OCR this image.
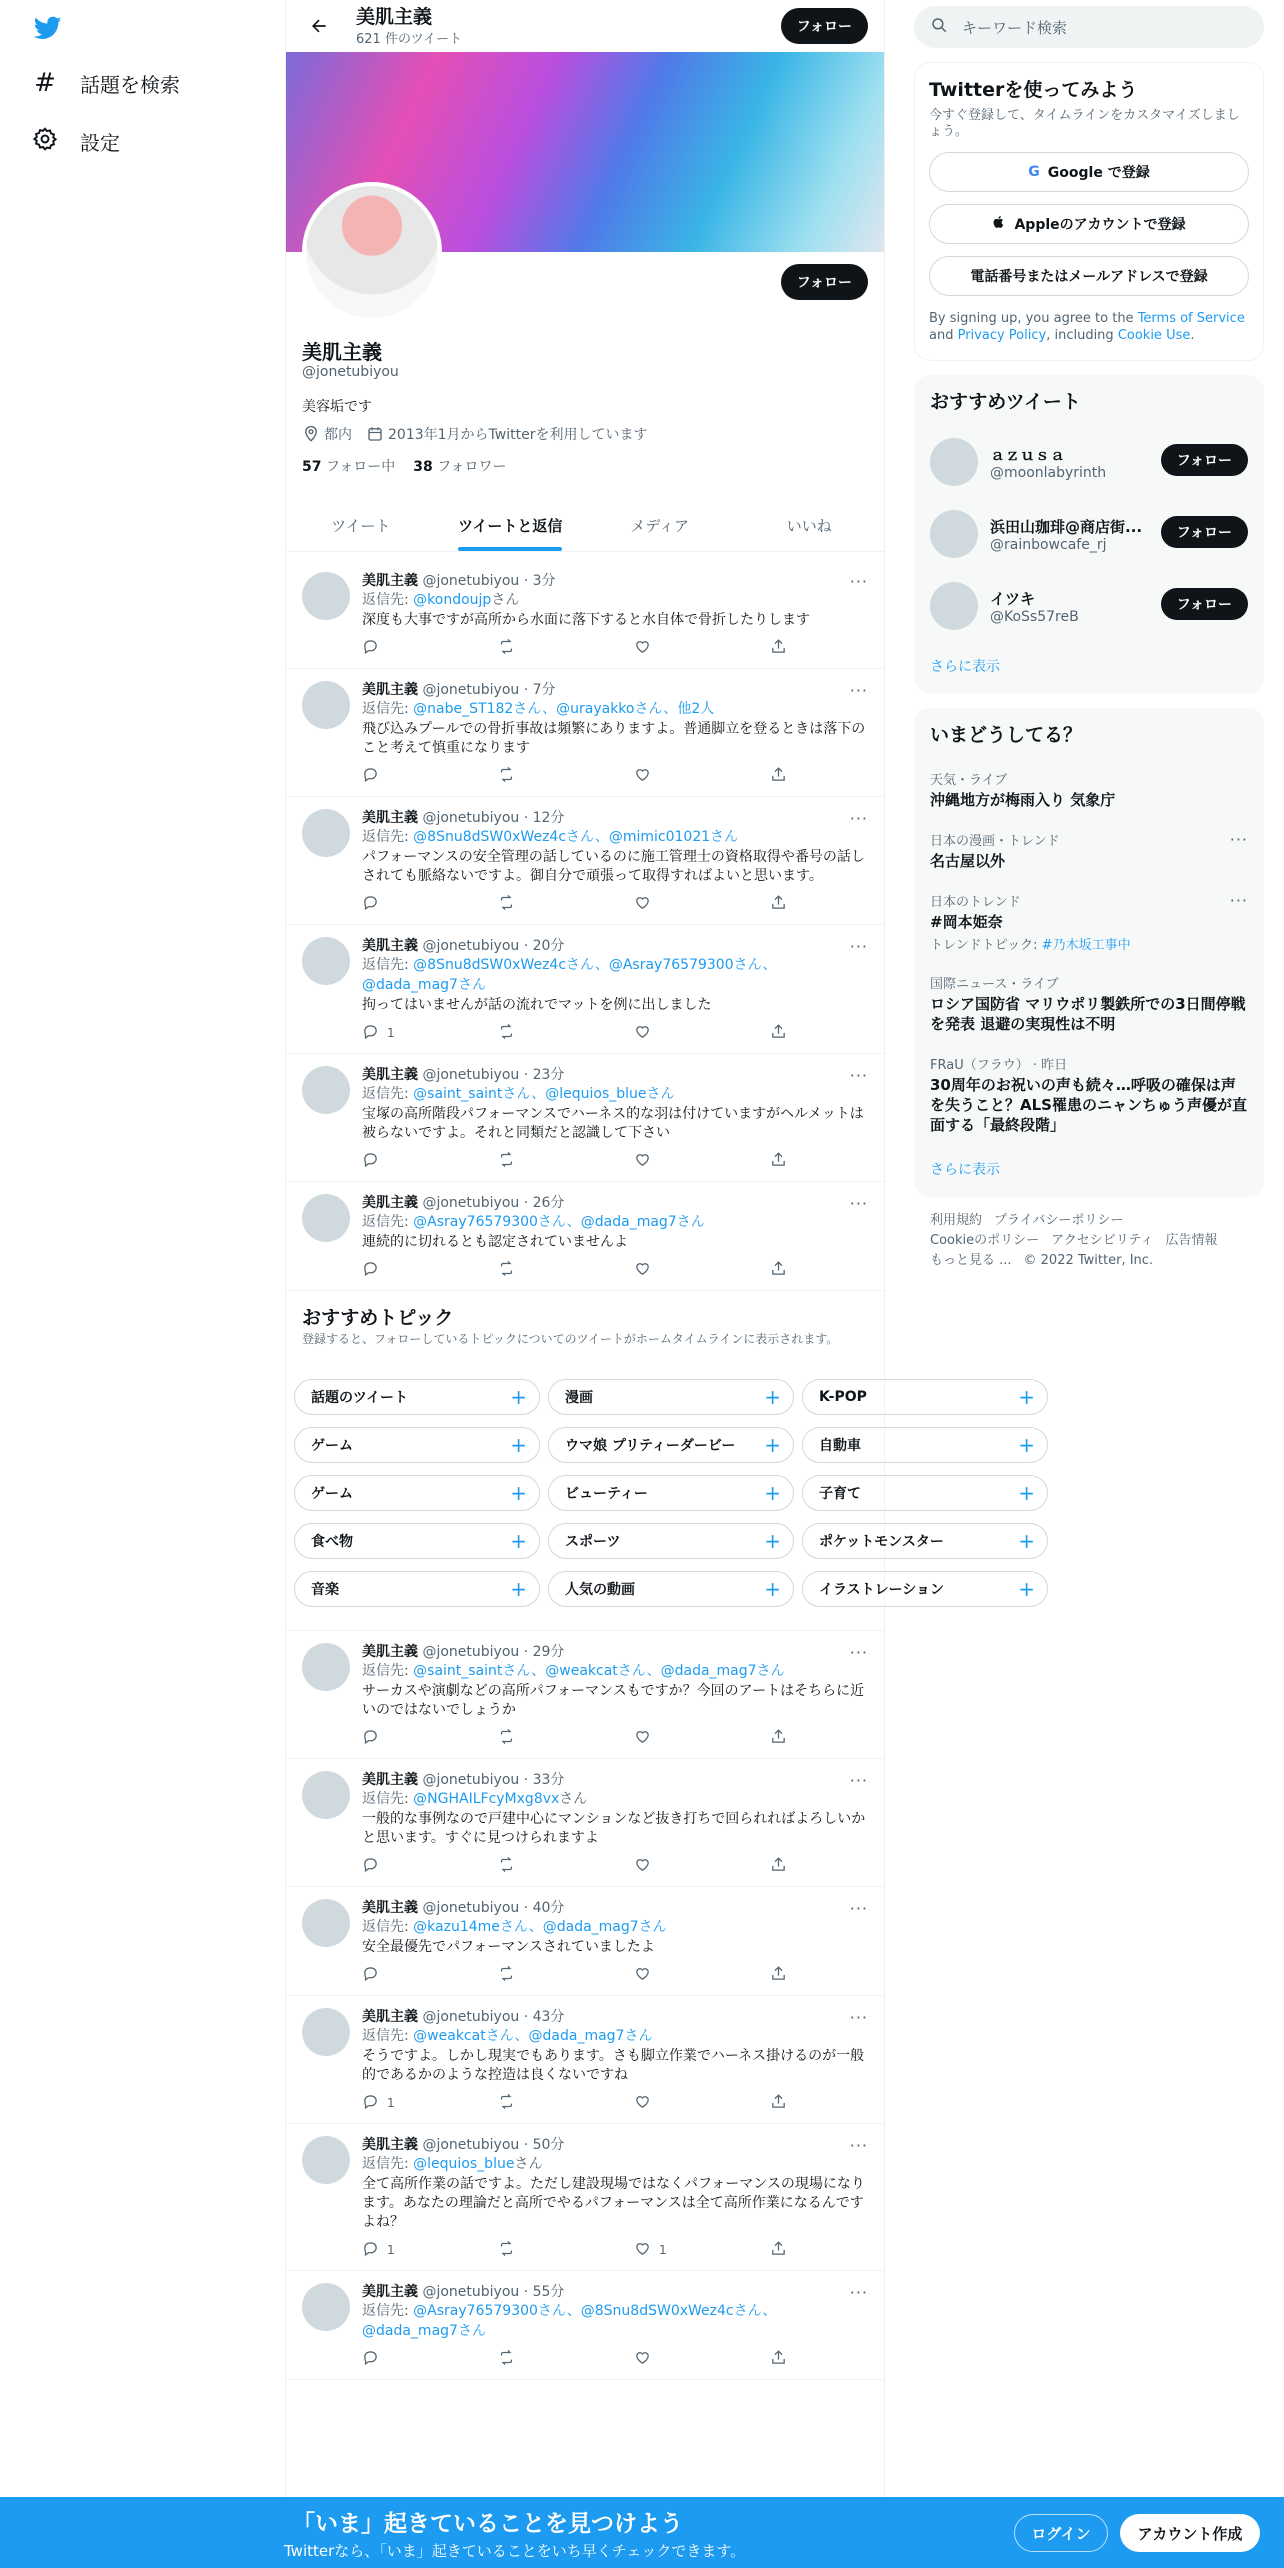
# 話題を検索
設定
美肌主義
621 件のツイート
フォロー
フォロー
美肌主義
@jonetubiyou
美容垢です
都内	2013年1月からTwitterを利用しています
57 フォロー中 38 フォロワー
ツイート	ツイートと返信	メディア	いいね
···
美肌主義 @jonetubiyou · 3分
返信先: @kondoujpさん
深度も大事ですが高所から水面に落下すると水自体で骨折したりします
···
美肌主義 @jonetubiyou · 7分
返信先: @nabe_ST182さん、@urayakkoさん、他2人
飛び込みプールでの骨折事故は頻繁にありますよ。普通脚立を登るときは落下のこと考えて慎重になります
···
美肌主義 @jonetubiyou · 12分
返信先: @8Snu8dSW0xWez4cさん、@mimic01021さん
パフォーマンスの安全管理の話しているのに施工管理士の資格取得や番号の話しされても脈絡ないですよ。御自分で頑張って取得すればよいと思います。
···
美肌主義 @jonetubiyou · 20分
返信先: @8Snu8dSW0xWez4cさん、@Asray76579300さん、@dada_mag7さん
拘ってはいませんが話の流れでマットを例に出しました
1
···
美肌主義 @jonetubiyou · 23分
返信先: @saint_saintさん、@lequios_blueさん
宝塚の高所階段パフォーマンスでハーネス的な羽は付けていますがヘルメットは被らないですよ。それと同類だと認識して下さい
···
美肌主義 @jonetubiyou · 26分
返信先: @Asray76579300さん、@dada_mag7さん
連続的に切れるとも認定されていませんよ
おすすめトピック
登録すると、フォローしているトピックについてのツイートがホームタイムラインに表示されます。
話題のツイート	+	漫画	+	K-POP	+
ゲーム	+	ウマ娘 プリティーダービー +	自動車	+
ゲーム	+	ビューティー	+	子育て	+
食べ物	+	スポーツ	+	ポケットモンスター	+
音楽	+	人気の動画	+	イラストレーション	+
···
美肌主義 @jonetubiyou · 29分
返信先: @saint_saintさん、@weakcatさん、@dada_mag7さん
サーカスや演劇などの高所パフォーマンスもですか？今回のアートはそちらに近いのではないでしょうか
···
美肌主義 @jonetubiyou · 33分
返信先: @NGHAILFcyMxg8vxさん
一般的な事例なので戸建中心にマンションなど抜き打ちで回られればよろしいかと思います。すぐに見つけられますよ
···
美肌主義 @jonetubiyou · 40分
返信先: @kazu14meさん、@dada_mag7さん
安全最優先でパフォーマンスされていましたよ
···
美肌主義 @jonetubiyou · 43分
返信先: @weakcatさん、@dada_mag7さん
そうですよ。しかし現実でもあります。さも脚立作業でハーネス掛けるのが一般的であるかのような控造は良くないですね
1
···
美肌主義 @jonetubiyou · 50分
返信先: @lequios_blueさん
全て高所作業の話ですよ。ただし建設現場ではなくパフォーマンスの現場になります。あなたの理論だと高所でやるパフォーマンスは全て高所作業になるんですよね？
1	1
···
美肌主義 @jonetubiyou · 55分
返信先: @Asray76579300さん、@8Snu8dSW0xWez4cさん、@dada_mag7さん
キーワード検索
Twitterを使ってみよう
今すぐ登録して、タイムラインをカスタマイズしましょう。
G Google で登録
Appleのアカウントで登録
電話番号またはメールアドレスで登録
By signing up, you agree to the Terms of Service and Privacy Policy, including Cookie Use.
おすすめツイート
ａｚｕｓａ
@moonlabyrinth
フォロー
浜田山珈琲@商店街...
@rainbowcafe_rj
フォロー
イツキ
@KoSs57reB
フォロー
さらに表示
いまどうしてる？
天気・ライブ
沖縄地方が梅雨入り 気象庁
日本の漫画・トレンド
名古屋以外
···
日本のトレンド
#岡本姫奈
トレンドトピック: #乃木坂工事中
···
国際ニュース・ライブ
ロシア国防省 マリウポリ製鉄所での3日間停戦を発表 退避の実現性は不明
FRaU（フラウ） · 昨日
30周年のお祝いの声も続々…呼吸の確保は声を失うこと？ALS罹患のニャンちゅう声優が直面する「最終段階」
さらに表示
利用規約 プライバシーポリシー
Cookieのポリシー アクセシビリティ 広告情報
もっと見る ... © 2022 Twitter, Inc.
「いま」起きていることを見つけよう
Twitterなら、「いま」起きていることをいち早くチェックできます。
ログイン	アカウント作成
